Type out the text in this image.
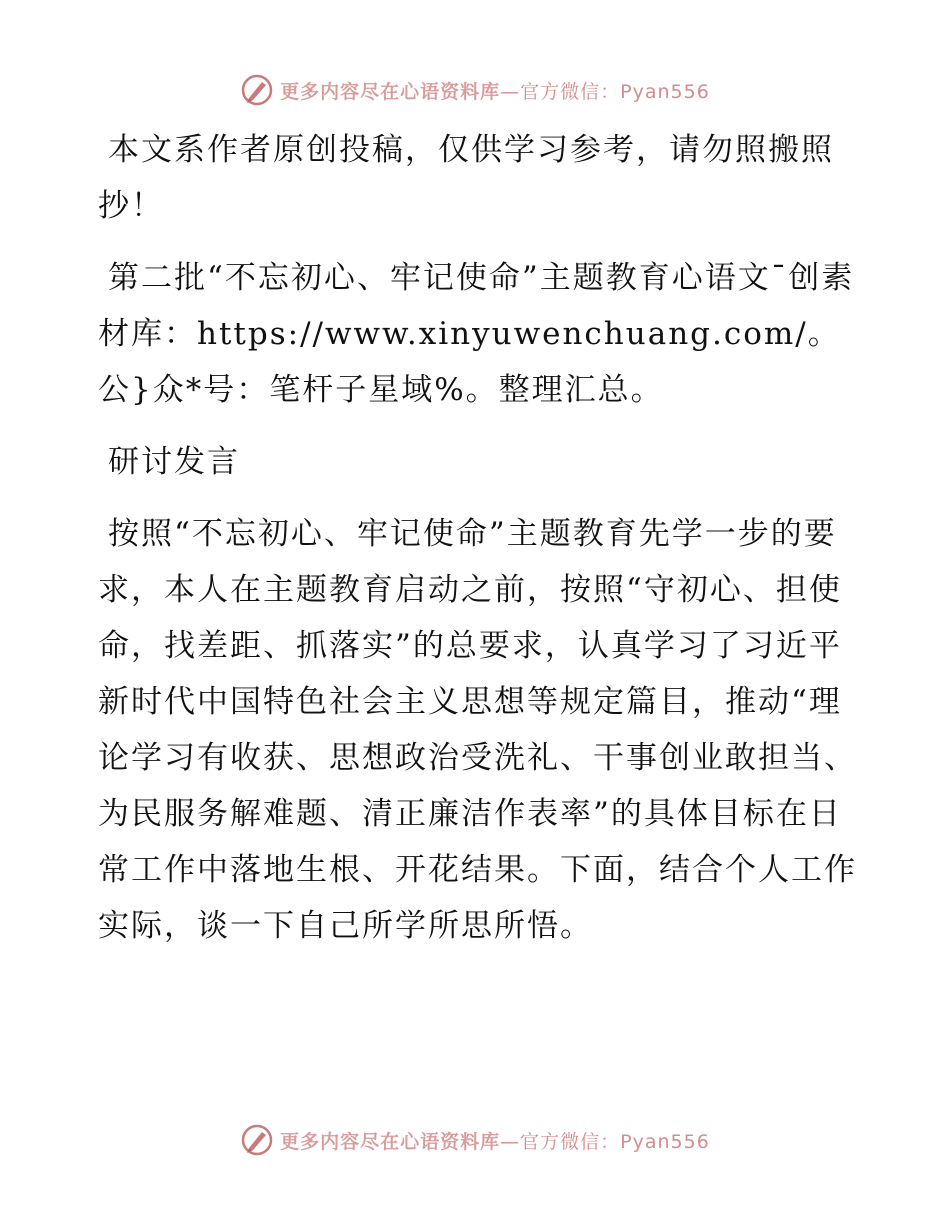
更多内容尽在心语资料库—官方微信：Pyan556

本文系作者原创投稿，仅供学习参考，请勿照搬照抄！

第二批“不忘初心、牢记使命”主题教育心语文¯创素材库：https://www.xinyuwenchuang.com/。公}众*号：笔杆子星域%。整理汇总。

研讨发言

按照“不忘初心、牢记使命”主题教育先学一步的要求，本人在主题教育启动之前，按照“守初心、担使命，找差距、抓落实”的总要求，认真学习了习近平新时代中国特色社会主义思想等规定篇目，推动“理论学习有收获、思想政治受洗礼、干事创业敢担当、为民服务解难题、清正廉洁作表率”的具体目标在日常工作中落地生根、开花结果。下面，结合个人工作实际，谈一下自己所学所思所悟。

更多内容尽在心语资料库—官方微信：Pyan556
